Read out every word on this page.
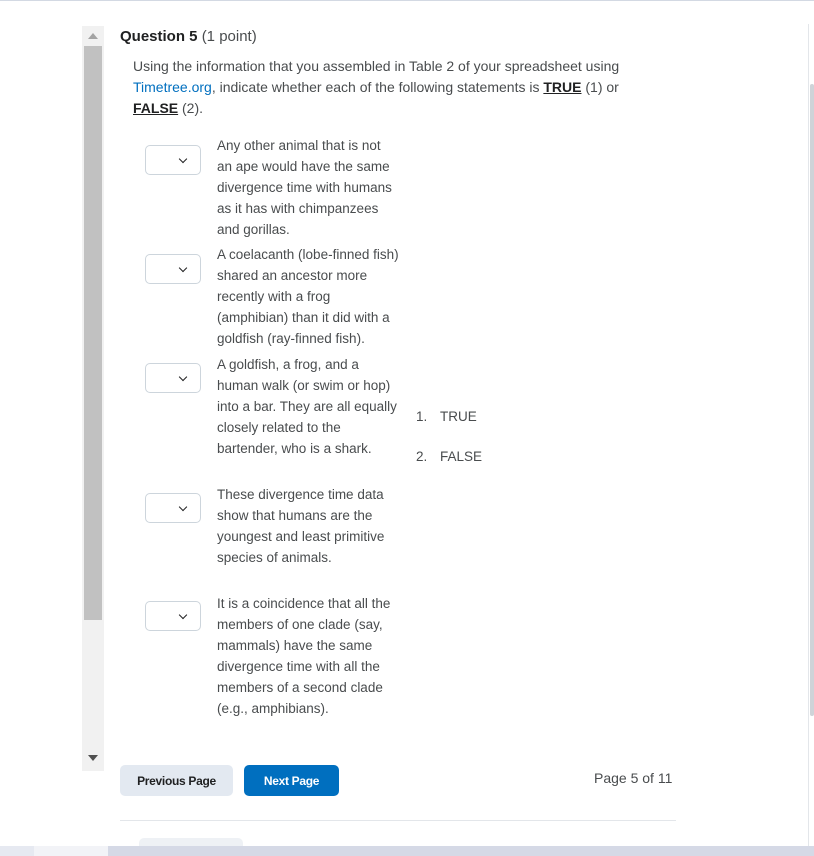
Question 5 (1 point)
Using the information that you assembled in Table 2 of your spreadsheet using Timetree.org, indicate whether each of the following statements is TRUE (1) or FALSE (2).
Any other animal that is not an ape would have the same divergence time with humans as it has with chimpanzees and gorillas.
A coelacanth (lobe-finned fish) shared an ancestor more recently with a frog (amphibian) than it did with a goldfish (ray-finned fish).
A goldfish, a frog, and a human walk (or swim or hop) into a bar. They are all equally closely related to the bartender, who is a shark.
These divergence time data show that humans are the youngest and least primitive species of animals.
It is a coincidence that all the members of one clade (say, mammals) have the same divergence time with all the members of a second clade (e.g., amphibians).
1. TRUE
2. FALSE
Previous Page	Next Page	Page 5 of 11
